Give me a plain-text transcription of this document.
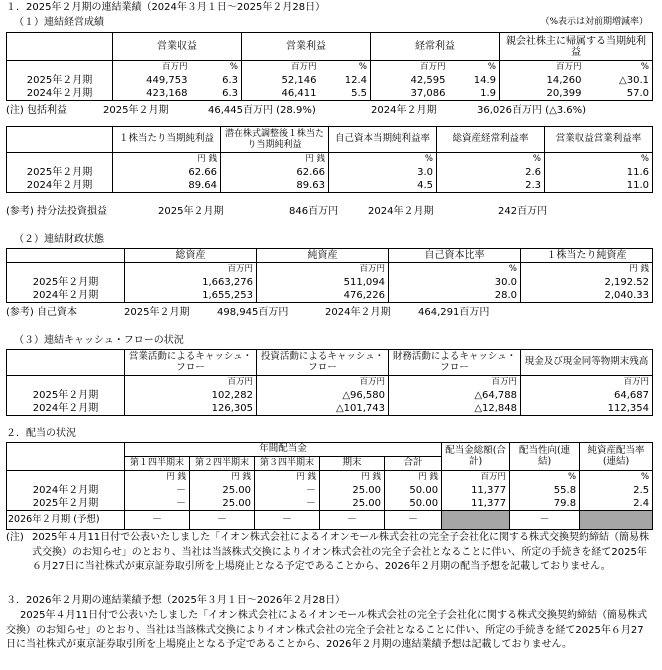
１．2025年２月期の連結業績（2024年３月１日～2025年２月28日）
（１）連結経営成績	（%表示は対前期増減率）
	営業収益		営業利益		経常利益		親会社株主に帰属する当期純利益	
	百万円	%	百万円	%	百万円	%	百万円	%
2025年２月期	449,753	6.3	52,146	12.4	42,595	14.9	14,260	△30.1
2024年２月期	423,168	6.3	46,411	5.5	37,086	1.9	20,399	57.0
(注) 包括利益	2025年２月期	46,445百万円 (28.9%)	2024年２月期	36,026百万円 (△3.6%)
	１株当たり当期純利益	潜在株式調整後１株当たり当期純利益	自己資本当期純利益率	総資産経常利益率	営業収益営業利益率
	円 銭	円 銭	%	%	%
2025年２月期	62.66	62.66	3.0	2.6	11.6
2024年２月期	89.64	89.63	4.5	2.3	11.0
(参考) 持分法投資損益	2025年２月期	846百万円	2024年２月期	242百万円
（２）連結財政状態
	総資産	純資産	自己資本比率	１株当たり純資産
	百万円	百万円	%	円 銭
2025年２月期	1,663,276	511,094	30.0	2,192.52
2024年２月期	1,655,253	476,226	28.0	2,040.33
(参考) 自己資本	2025年２月期	498,945百万円	2024年２月期	464,291百万円
（３）連結キャッシュ・フローの状況
	営業活動によるキャッシュ・フロー	投資活動によるキャッシュ・フロー	財務活動によるキャッシュ・フロー	現金及び現金同等物期末残高
	百万円	百万円	百万円	百万円
2025年２月期	102,282	△96,580	△64,788	64,687
2024年２月期	126,305	△101,743	△12,848	112,354
２．配当の状況
	年間配当金					配当金総額(合計)	配当性向(連結)	純資産配当率(連結)
	第１四半期末	第２四半期末	第３四半期末	期末	合計			
	円 銭	円 銭	円 銭	円 銭	円 銭	百万円	%	%
2024年２月期	－	25.00	－	25.00	50.00	11,377	55.8	2.5
2025年２月期	－	25.00	－	25.00	50.00	11,377	79.8	2.4
2026年２月期 (予想)	－	－	－	－	－		－	
(注) 2025年４月11日付で公表いたしました「イオン株式会社によるイオンモール株式会社の完全子会社化に関する株式交換契約締結（簡易株式交換）のお知らせ」のとおり、当社は当該株式交換によりイオン株式会社の完全子会社となることに伴い、所定の手続きを経て2025年６月27日に当社株式が東京証券取引所を上場廃止となる予定であることから、2026年２月期の配当予想を記載しておりません。
３．2026年２月期の連結業績予想（2025年３月１日～2026年２月28日）
2025年４月11日付で公表いたしました「イオン株式会社によるイオンモール株式会社の完全子会社化に関する株式交換契約締結（簡易株式交換）のお知らせ」のとおり、当社は当該株式交換によりイオン株式会社の完全子会社となることに伴い、所定の手続きを経て2025年６月27日に当社株式が東京証券取引所を上場廃止となる予定であることから、2026年２月期の連結業績予想は記載しておりません。
